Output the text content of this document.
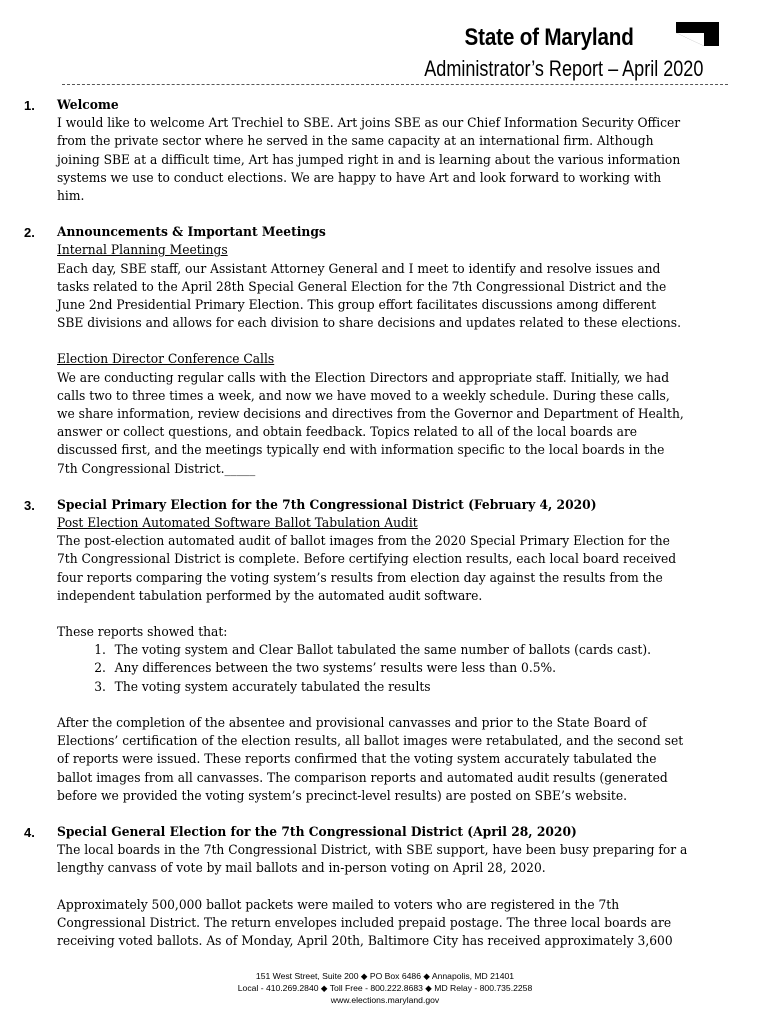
State of Maryland
Administrator’s Report – April 2020
1.	Welcome
I would like to welcome Art Trechiel to SBE. Art joins SBE as our Chief Information Security Officer
from the private sector where he served in the same capacity at an international firm. Although
joining SBE at a difficult time, Art has jumped right in and is learning about the various information
systems we use to conduct elections. We are happy to have Art and look forward to working with
him.
2.	Announcements & Important Meetings
Internal Planning Meetings
Each day, SBE staff, our Assistant Attorney General and I meet to identify and resolve issues and
tasks related to the April 28th Special General Election for the 7th Congressional District and the
June 2nd Presidential Primary Election. This group effort facilitates discussions among different
SBE divisions and allows for each division to share decisions and updates related to these elections.
Election Director Conference Calls
We are conducting regular calls with the Election Directors and appropriate staff. Initially, we had
calls two to three times a week, and now we have moved to a weekly schedule. During these calls,
we share information, review decisions and directives from the Governor and Department of Health,
answer or collect questions, and obtain feedback. Topics related to all of the local boards are
discussed first, and the meetings typically end with information specific to the local boards in the
7th Congressional District._____
3.	Special Primary Election for the 7th Congressional District (February 4, 2020)
Post Election Automated Software Ballot Tabulation Audit
The post-election automated audit of ballot images from the 2020 Special Primary Election for the
7th Congressional District is complete. Before certifying election results, each local board received
four reports comparing the voting system’s results from election day against the results from the
independent tabulation performed by the automated audit software.
These reports showed that:
1. The voting system and Clear Ballot tabulated the same number of ballots (cards cast).
2. Any differences between the two systems’ results were less than 0.5%.
3. The voting system accurately tabulated the results
After the completion of the absentee and provisional canvasses and prior to the State Board of
Elections’ certification of the election results, all ballot images were retabulated, and the second set
of reports were issued. These reports confirmed that the voting system accurately tabulated the
ballot images from all canvasses. The comparison reports and automated audit results (generated
before we provided the voting system’s precinct-level results) are posted on SBE’s website.
4.	Special General Election for the 7th Congressional District (April 28, 2020)
The local boards in the 7th Congressional District, with SBE support, have been busy preparing for a
lengthy canvass of vote by mail ballots and in-person voting on April 28, 2020.
Approximately 500,000 ballot packets were mailed to voters who are registered in the 7th
Congressional District. The return envelopes included prepaid postage. The three local boards are
receiving voted ballots. As of Monday, April 20th, Baltimore City has received approximately 3,600
151 West Street, Suite 200 ◆ PO Box 6486 ◆ Annapolis, MD 21401
Local - 410.269.2840 ◆ Toll Free - 800.222.8683 ◆ MD Relay - 800.735.2258
www.elections.maryland.gov
